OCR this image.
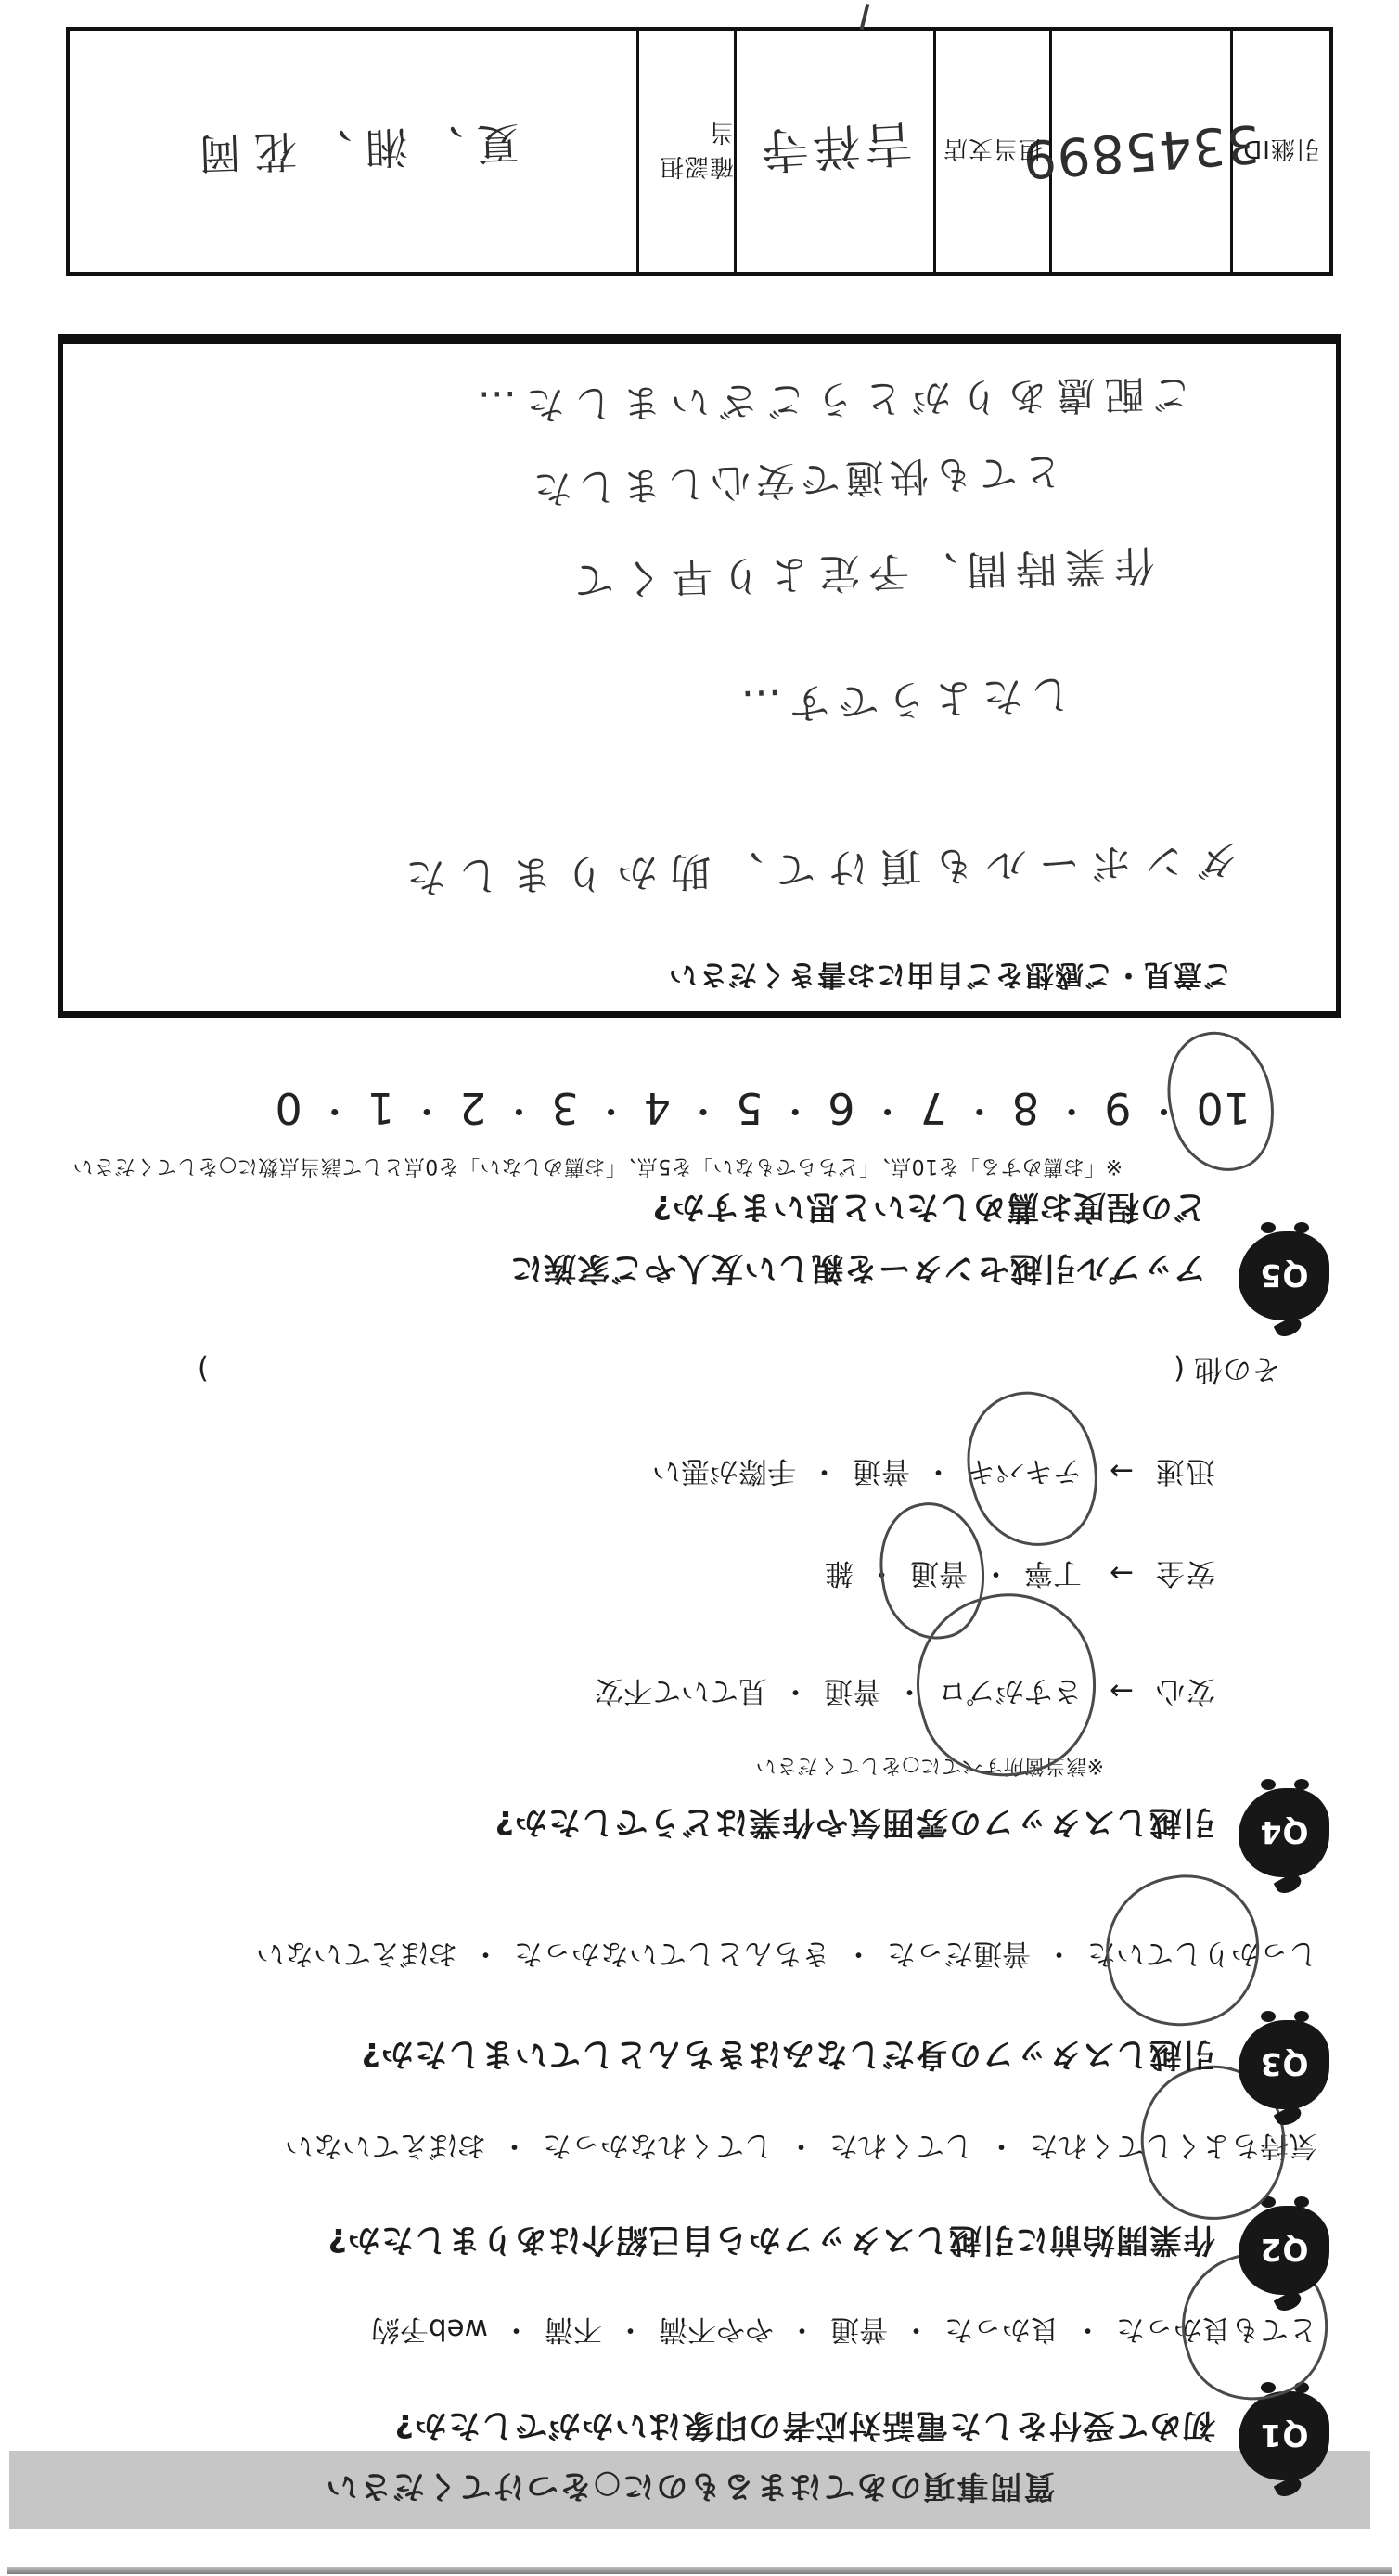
質問事項のあてはまるものに○をつけてください
Q1
初めて受付をした電話対応者の印象はいかがでしたか?
とても良かった・良かった・普通・やや不満・不満・web予約
Q2
作業開始前に引越しスタッフから自己紹介はありましたか?
気持ちよくしてくれた・してくれた・してくれなかった・おぼえていない
Q3
引越しスタッフの身だしなみはきちんとしていましたか?
しっかりしていた・普通だった・きちんとしていなかった・おぼえていない
Q4
引越しスタッフの雰囲気や作業はどうでしたか?
※該当箇所すべてに○をしてください
安心→
さすがプロ・普通・見ていて不安
安全→丁寧・
普通・雑
迅速→
テキパキ・普通・手際が悪い
その他 ()
Q5
アップル引越センターを親しい友人やご家族に
どの程度お薦めしたいと思いますか?
※「お薦めする」を10点、「どちらでもない」を5点、「お薦めしない」を0点として該当点数に○をしてください
10・9・8・7・6・5・4・3・2・1・0
ご意見・ご感想をご自由にお書きください
ダンボールも頂けて、助かりました
したようです…
作業時間、予定より早くて
とても快適で安心しました
ご配慮ありがとうございました…
引継ID
3345899
担当支店
吉祥寺
確認担当
夏、湘、花岡
